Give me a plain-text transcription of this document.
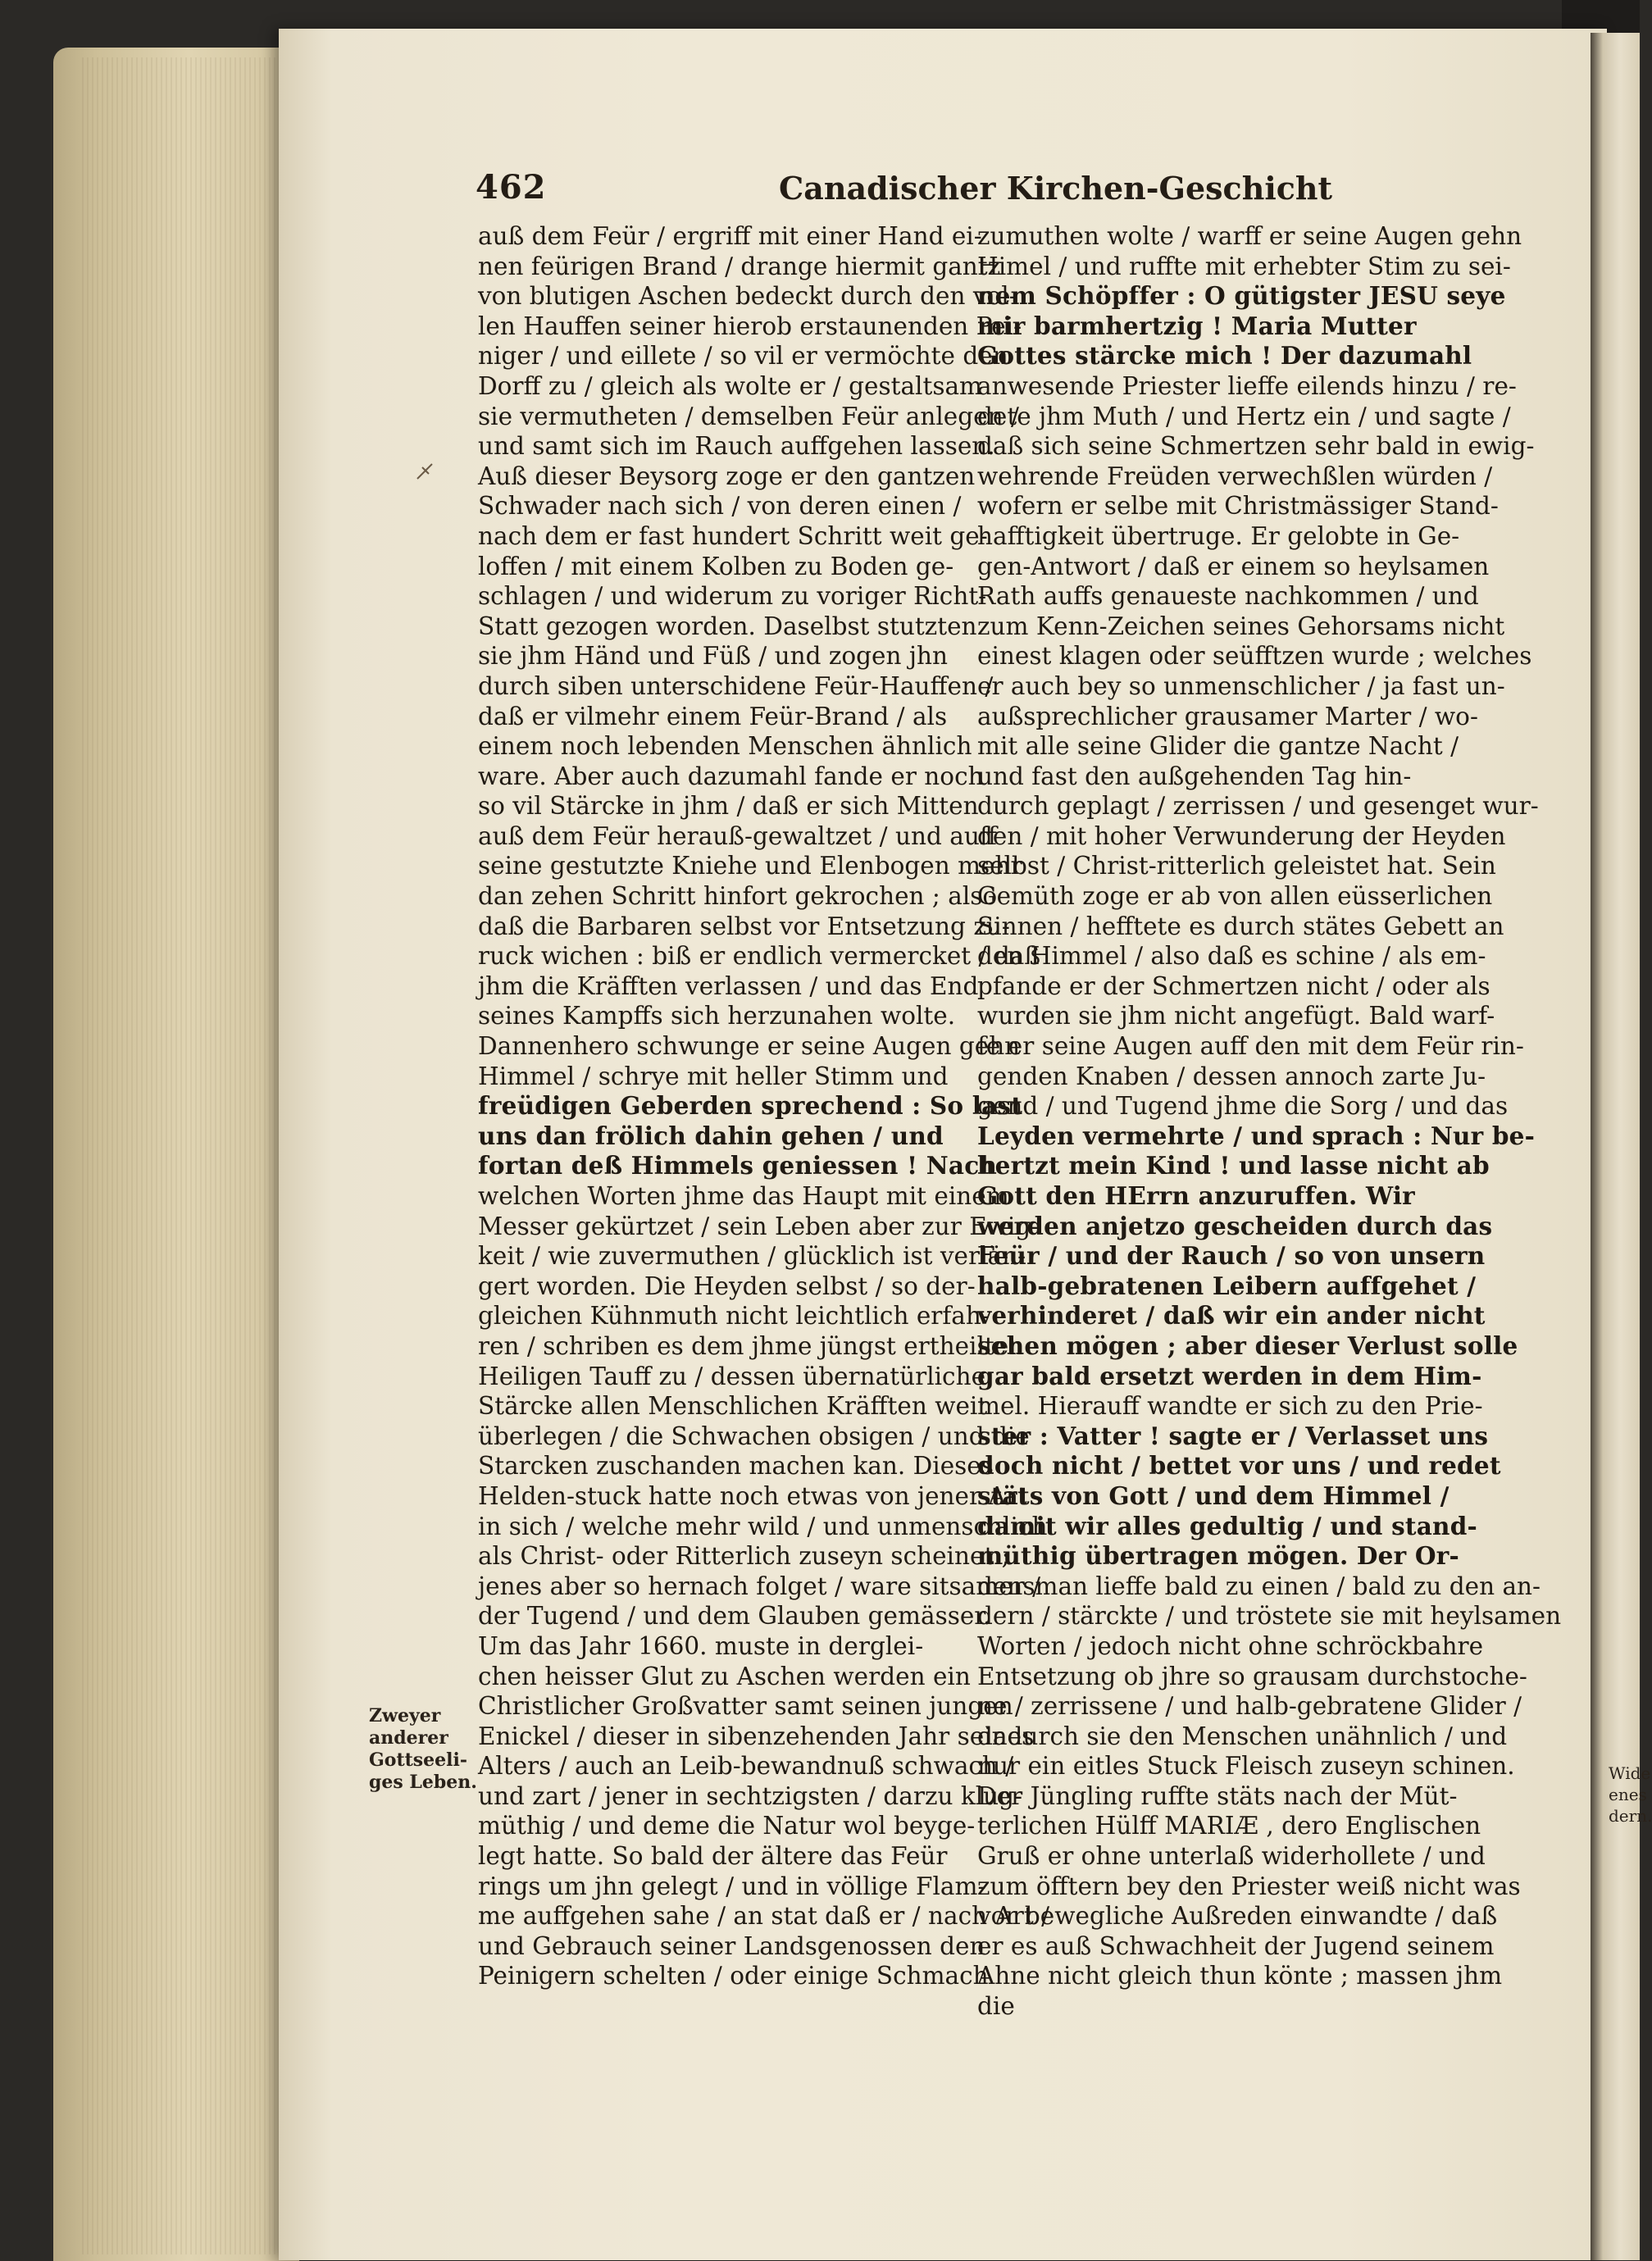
462	Canadischer Kirchen-Geschicht
auß dem Feür / ergriff mit einer Hand ei-
nen feürigen Brand / drange hiermit gantz
von blutigen Aschen bedeckt durch den vol-
len Hauffen seiner hierob erstaunenden Pei-
niger / und eillete / so vil er vermöchte den
Dorff zu / gleich als wolte er / gestaltsam
sie vermutheten / demselben Feür anlegen /
und samt sich im Rauch auffgehen lassen.
Auß dieser Beysorg zoge er den gantzen
Schwader nach sich / von deren einen /
nach dem er fast hundert Schritt weit ge-
loffen / mit einem Kolben zu Boden ge-
schlagen / und widerum zu voriger Richt-
Statt gezogen worden. Daselbst stutzten
sie jhm Händ und Füß / und zogen jhn
durch siben unterschidene Feür-Hauffen /
daß er vilmehr einem Feür-Brand / als
einem noch lebenden Menschen ähnlich
ware. Aber auch dazumahl fande er noch
so vil Stärcke in jhm / daß er sich Mitten
auß dem Feür herauß-gewaltzet / und auff
seine gestutzte Kniehe und Elenbogen mehr
dan zehen Schritt hinfort gekrochen ; also
daß die Barbaren selbst vor Entsetzung zu-
ruck wichen : biß er endlich vermercket / daß
jhm die Kräfften verlassen / und das End
seines Kampffs sich herzunahen wolte.
Dannenhero schwunge er seine Augen gehn
Himmel / schrye mit heller Stimm und
freüdigen Geberden sprechend : So last
uns dan frölich dahin gehen / und
fortan deß Himmels geniessen ! Nach
welchen Worten jhme das Haupt mit einem
Messer gekürtzet / sein Leben aber zur Ewig-
keit / wie zuvermuthen / glücklich ist verlän-
gert worden. Die Heyden selbst / so der-
gleichen Kühnmuth nicht leichtlich erfah-
ren / schriben es dem jhme jüngst ertheilten
Heiligen Tauff zu / dessen übernatürliche
Stärcke allen Menschlichen Kräfften weit
überlegen / die Schwachen obsigen / und die
Starcken zuschanden machen kan. Dieses
Helden-stuck hatte noch etwas von jener Art
in sich / welche mehr wild / und unmenschlich
als Christ- oder Ritterlich zuseyn scheinet ;
jenes aber so hernach folget / ware sitsamer /
der Tugend / und dem Glauben gemässer.
Um das Jahr 1660. muste in derglei-
chen heisser Glut zu Aschen werden ein
Christlicher Großvatter samt seinen jungen
Enickel / dieser in sibenzehenden Jahr seines
Alters / auch an Leib-bewandnuß schwach /
und zart / jener in sechtzigsten / darzu klug-
müthig / und deme die Natur wol beyge-
legt hatte. So bald der ältere das Feür
rings um jhn gelegt / und in völlige Flam-
me auffgehen sahe / an stat daß er / nach Art /
und Gebrauch seiner Landsgenossen den
Peinigern schelten / oder einige Schmach
zumuthen wolte / warff er seine Augen gehn
Himel / und ruffte mit erhebter Stim zu sei-
nem Schöpffer : O gütigster JESU seye
mir barmhertzig ! Maria Mutter
Gottes stärcke mich ! Der dazumahl
anwesende Priester lieffe eilends hinzu / re-
dete jhm Muth / und Hertz ein / und sagte /
daß sich seine Schmertzen sehr bald in ewig-
wehrende Freüden verwechßlen würden /
wofern er selbe mit Christmässiger Stand-
hafftigkeit übertruge. Er gelobte in Ge-
gen-Antwort / daß er einem so heylsamen
Rath auffs genaueste nachkommen / und
zum Kenn-Zeichen seines Gehorsams nicht
einest klagen oder seüfftzen wurde ; welches
er auch bey so unmenschlicher / ja fast un-
außsprechlicher grausamer Marter / wo-
mit alle seine Glider die gantze Nacht /
und fast den außgehenden Tag hin-
durch geplagt / zerrissen / und gesenget wur-
den / mit hoher Verwunderung der Heyden
selbst / Christ-ritterlich geleistet hat. Sein
Gemüth zoge er ab von allen eüsserlichen
Sinnen / hefftete es durch stätes Gebett an
den Himmel / also daß es schine / als em-
pfande er der Schmertzen nicht / oder als
wurden sie jhm nicht angefügt. Bald warf-
fe er seine Augen auff den mit dem Feür rin-
genden Knaben / dessen annoch zarte Ju-
gend / und Tugend jhme die Sorg / und das
Leyden vermehrte / und sprach : Nur be-
hertzt mein Kind ! und lasse nicht ab
Gott den HErrn anzuruffen. Wir
werden anjetzo gescheiden durch das
Feür / und der Rauch / so von unsern
halb-gebratenen Leibern auffgehet /
verhinderet / daß wir ein ander nicht
sehen mögen ; aber dieser Verlust solle
gar bald ersetzt werden in dem Him-
mel. Hierauff wandte er sich zu den Prie-
ster : Vatter ! sagte er / Verlasset uns
doch nicht / bettet vor uns / und redet
stäts von Gott / und dem Himmel /
damit wir alles gedultig / und stand-
müthig übertragen mögen. Der Or-
densman lieffe bald zu einen / bald zu den an-
dern / stärckte / und tröstete sie mit heylsamen
Worten / jedoch nicht ohne schröckbahre
Entsetzung ob jhre so grausam durchstoche-
ne / zerrissene / und halb-gebratene Glider /
dadurch sie den Menschen unähnlich / und
nur ein eitles Stuck Fleisch zuseyn schinen.
Der Jüngling ruffte stäts nach der Müt-
terlichen Hülff MARIÆ , dero Englischen
Gruß er ohne unterlaß widerhollete / und
zum öfftern bey den Priester weiß nicht was
vor bewegliche Außreden einwandte / daß
er es auß Schwachheit der Jugend seinem
Ahne nicht gleich thun könte ; massen jhm
die
Zweyer
anderer
Gottseeli-
ges Leben.	Wide
enes
dern.
